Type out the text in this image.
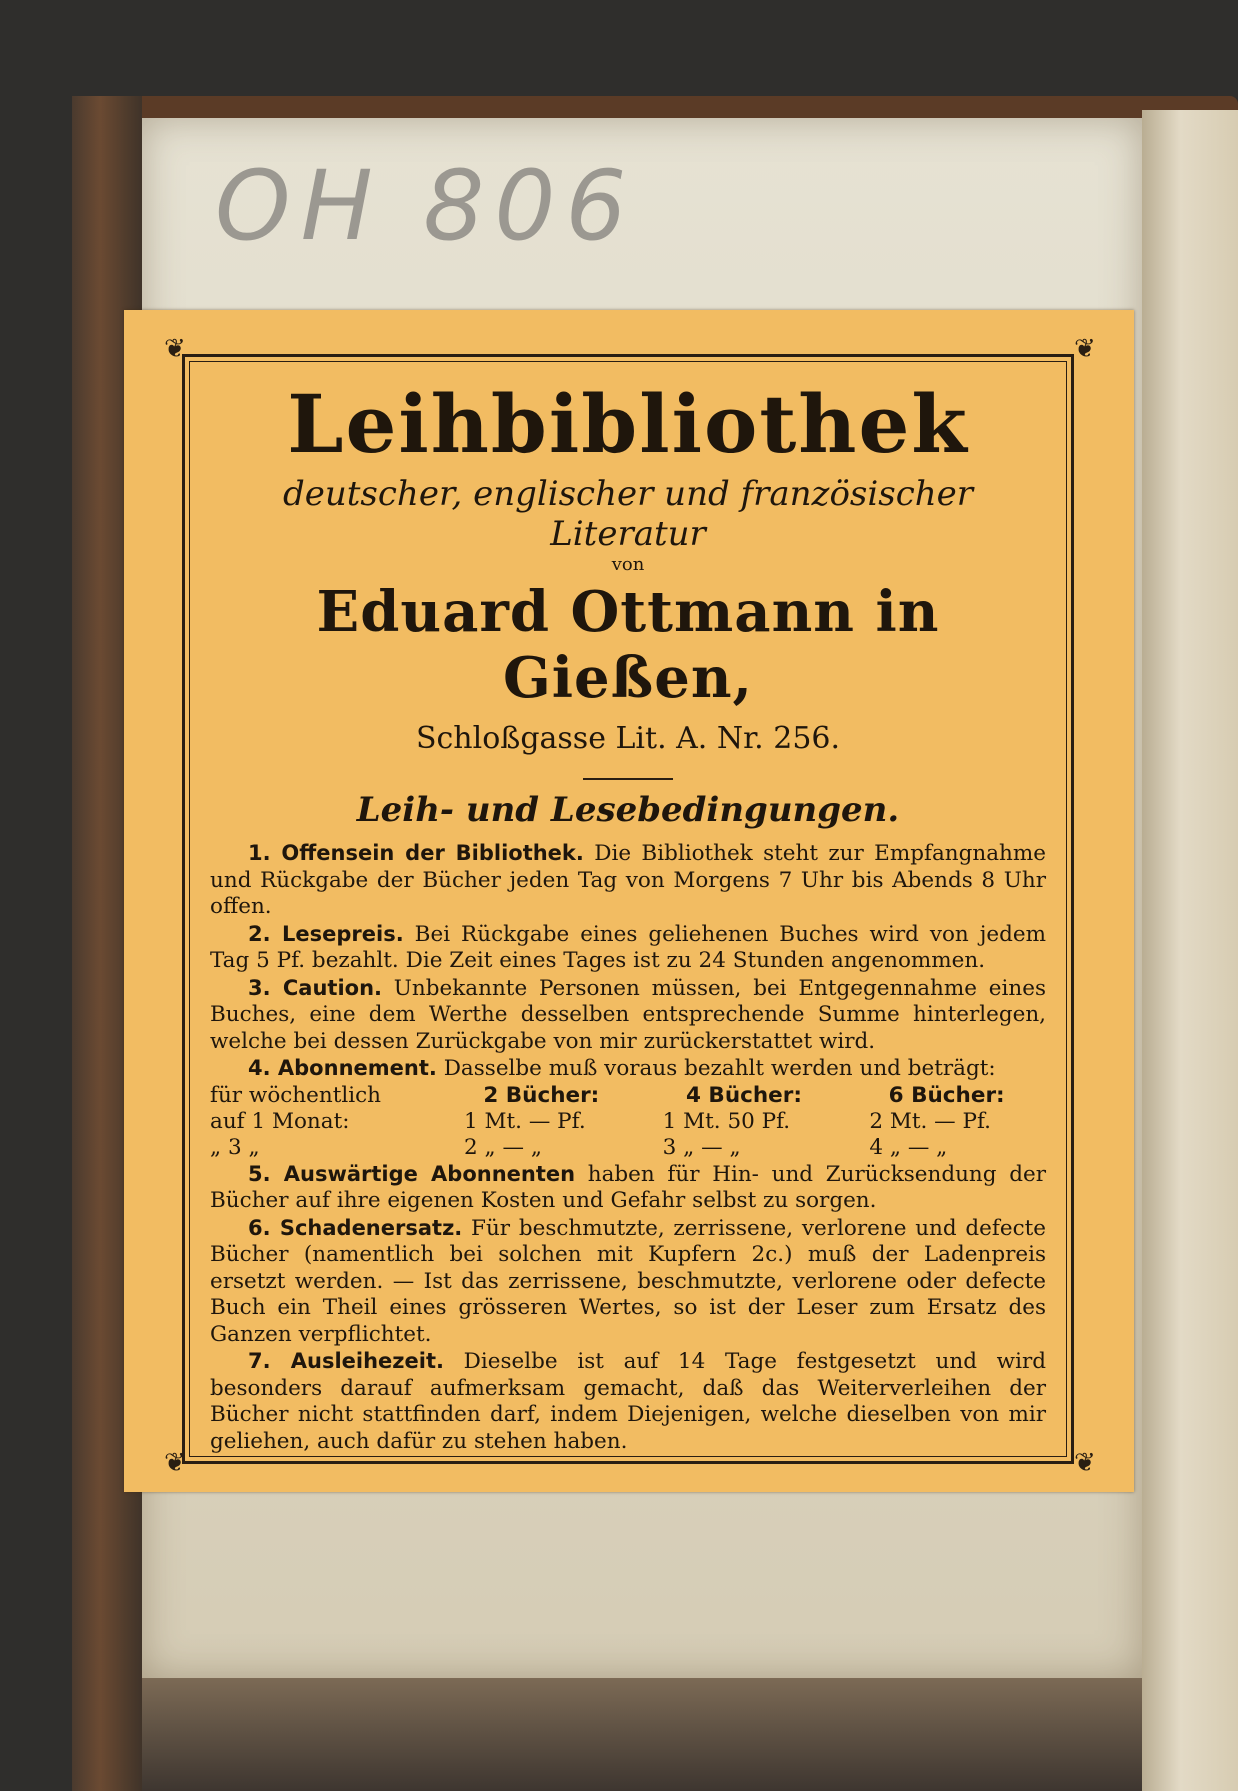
OH 806
❦	❦
❦	❦
Leihbibliothek
deutscher, englischer und französischer Literatur
von
Eduard Ottmann in Gießen,
Schloßgasse Lit. A. Nr. 256.
Leih- und Lesebedingungen.

1. Offensein der Bibliothek. Die Bibliothek steht zur Empfangnahme und Rückgabe der Bücher jeden Tag von Morgens 7 Uhr bis Abends 8 Uhr offen.

2. Lesepreis. Bei Rückgabe eines geliehenen Buches wird von jedem Tag 5 Pf. bezahlt. Die Zeit eines Tages ist zu 24 Stunden angenommen.

3. Caution. Unbekannte Personen müssen, bei Entgegennahme eines Buches, eine dem Werthe desselben entsprechende Summe hinterlegen, welche bei dessen Zurückgabe von mir zurückerstattet wird.

4. Abonnement. Dasselbe muß voraus bezahlt werden und beträgt:

für wöchentlich	2 Bücher:	4 Bücher:	6 Bücher:
auf 1 Monat:	1 Mt. — Pf.	1 Mt. 50 Pf.	2 Mt. — Pf.
„ 3 „	2 „ — „	3 „ — „	4 „ — „

5. Auswärtige Abonnenten haben für Hin- und Zurücksendung der Bücher auf ihre eigenen Kosten und Gefahr selbst zu sorgen.

6. Schadenersatz. Für beschmutzte, zerrissene, verlorene und defecte Bücher (namentlich bei solchen mit Kupfern 2c.) muß der Ladenpreis ersetzt werden. — Ist das zerrissene, beschmutzte, verlorene oder defecte Buch ein Theil eines grösseren Wertes, so ist der Leser zum Ersatz des Ganzen verpflichtet.

7. Ausleihezeit. Dieselbe ist auf 14 Tage festgesetzt und wird besonders darauf aufmerksam gemacht, daß das Weiterverleihen der Bücher nicht stattfinden darf, indem Diejenigen, welche dieselben von mir geliehen, auch dafür zu stehen haben.
